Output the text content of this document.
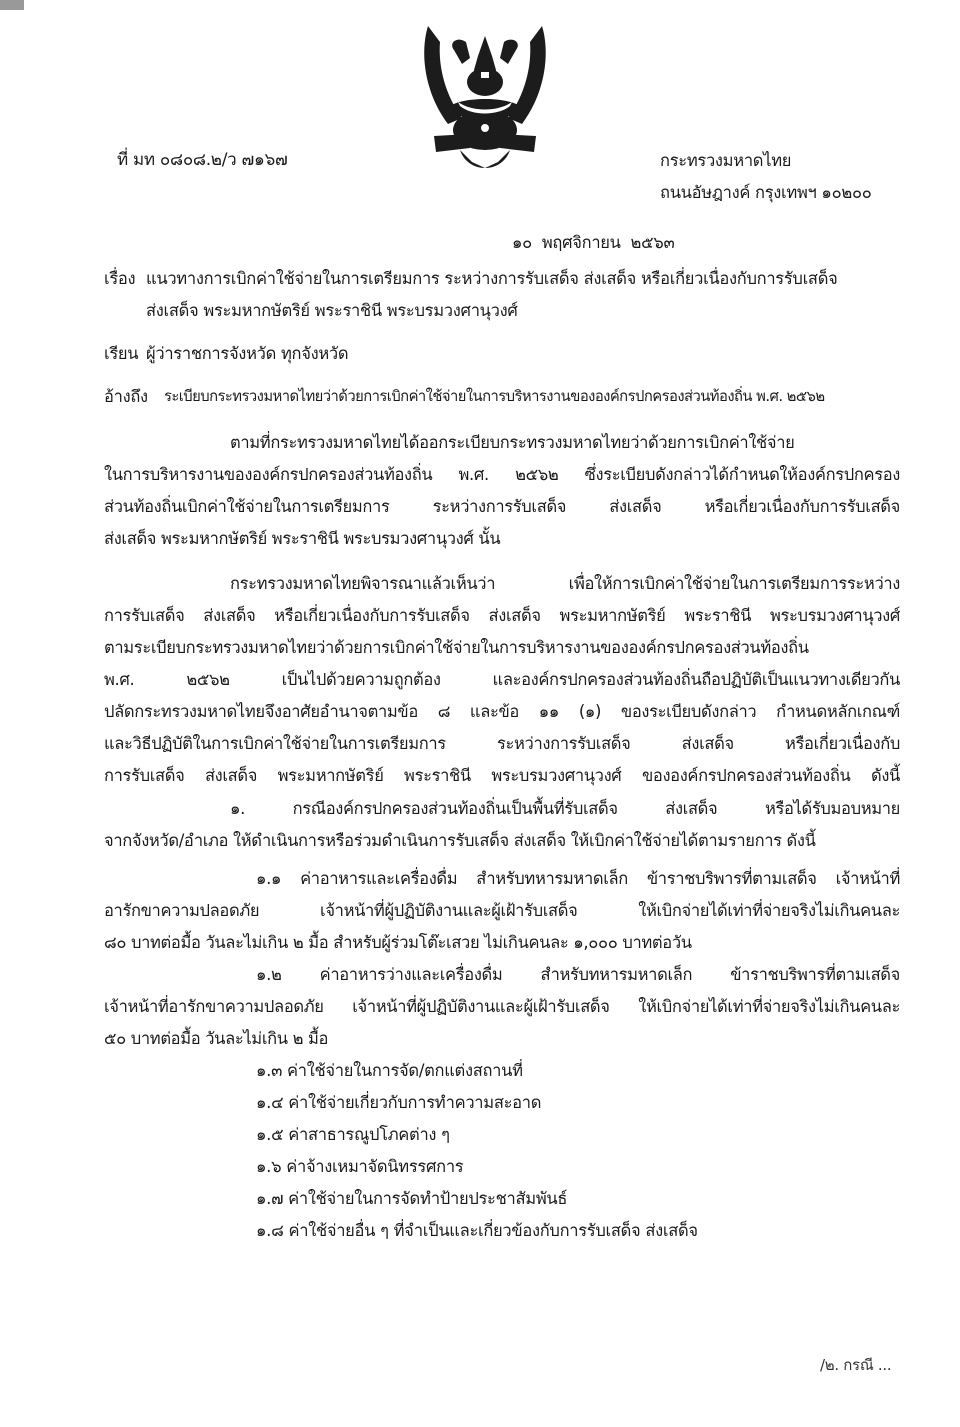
ที่ มท ๐๘๐๘.๒/ว ๗๑๖๗	กระทรวงมหาดไทย
ถนนอัษฎางค์ กรุงเทพฯ ๑๐๒๐๐
๑๐  พฤศจิกายน  ๒๕๖๓
เรื่อง แนวทางการเบิกค่าใช้จ่ายในการเตรียมการ ระหว่างการรับเสด็จ ส่งเสด็จ หรือเกี่ยวเนื่องกับการรับเสด็จ
ส่งเสด็จ พระมหากษัตริย์ พระราชินี พระบรมวงศานุวงศ์
เรียน ผู้ว่าราชการจังหวัด ทุกจังหวัด
อ้างถึง ระเบียบกระทรวงมหาดไทยว่าด้วยการเบิกค่าใช้จ่ายในการบริหารงานขององค์กรปกครองส่วนท้องถิ่น พ.ศ. ๒๕๖๒
ตามที่กระทรวงมหาดไทยได้ออกระเบียบกระทรวงมหาดไทยว่าด้วยการเบิกค่าใช้จ่าย
ในการบริหารงานขององค์กรปกครองส่วนท้องถิ่น พ.ศ. ๒๕๖๒ ซึ่งระเบียบดังกล่าวได้กำหนดให้องค์กรปกครอง
ส่วนท้องถิ่นเบิกค่าใช้จ่ายในการเตรียมการ ระหว่างการรับเสด็จ ส่งเสด็จ หรือเกี่ยวเนื่องกับการรับเสด็จ
ส่งเสด็จ พระมหากษัตริย์ พระราชินี พระบรมวงศานุวงศ์ นั้น
กระทรวงมหาดไทยพิจารณาแล้วเห็นว่า เพื่อให้การเบิกค่าใช้จ่ายในการเตรียมการระหว่าง
การรับเสด็จ ส่งเสด็จ หรือเกี่ยวเนื่องกับการรับเสด็จ ส่งเสด็จ พระมหากษัตริย์ พระราชินี พระบรมวงศานุวงศ์
ตามระเบียบกระทรวงมหาดไทยว่าด้วยการเบิกค่าใช้จ่ายในการบริหารงานขององค์กรปกครองส่วนท้องถิ่น
พ.ศ. ๒๕๖๒ เป็นไปด้วยความถูกต้อง และองค์กรปกครองส่วนท้องถิ่นถือปฏิบัติเป็นแนวทางเดียวกัน
ปลัดกระทรวงมหาดไทยจึงอาศัยอำนาจตามข้อ ๘ และข้อ ๑๑ (๑) ของระเบียบดังกล่าว กำหนดหลักเกณฑ์
และวิธีปฏิบัติในการเบิกค่าใช้จ่ายในการเตรียมการ ระหว่างการรับเสด็จ ส่งเสด็จ หรือเกี่ยวเนื่องกับ
การรับเสด็จ ส่งเสด็จ พระมหากษัตริย์ พระราชินี พระบรมวงศานุวงศ์ ขององค์กรปกครองส่วนท้องถิ่น ดังนี้
๑. กรณีองค์กรปกครองส่วนท้องถิ่นเป็นพื้นที่รับเสด็จ ส่งเสด็จ หรือได้รับมอบหมาย
จากจังหวัด/อำเภอ ให้ดำเนินการหรือร่วมดำเนินการรับเสด็จ ส่งเสด็จ ให้เบิกค่าใช้จ่ายได้ตามรายการ ดังนี้
๑.๑ ค่าอาหารและเครื่องดื่ม สำหรับทหารมหาดเล็ก ข้าราชบริพารที่ตามเสด็จ เจ้าหน้าที่
อารักขาความปลอดภัย เจ้าหน้าที่ผู้ปฏิบัติงานและผู้เฝ้ารับเสด็จ ให้เบิกจ่ายได้เท่าที่จ่ายจริงไม่เกินคนละ
๘๐ บาทต่อมื้อ วันละไม่เกิน ๒ มื้อ สำหรับผู้ร่วมโต๊ะเสวย ไม่เกินคนละ ๑,๐๐๐ บาทต่อวัน
๑.๒ ค่าอาหารว่างและเครื่องดื่ม สำหรับทหารมหาดเล็ก ข้าราชบริพารที่ตามเสด็จ
เจ้าหน้าที่อารักขาความปลอดภัย เจ้าหน้าที่ผู้ปฏิบัติงานและผู้เฝ้ารับเสด็จ ให้เบิกจ่ายได้เท่าที่จ่ายจริงไม่เกินคนละ
๕๐ บาทต่อมื้อ วันละไม่เกิน ๒ มื้อ
๑.๓ ค่าใช้จ่ายในการจัด/ตกแต่งสถานที่
๑.๔ ค่าใช้จ่ายเกี่ยวกับการทำความสะอาด
๑.๕ ค่าสาธารณูปโภคต่าง ๆ
๑.๖ ค่าจ้างเหมาจัดนิทรรศการ
๑.๗ ค่าใช้จ่ายในการจัดทำป้ายประชาสัมพันธ์
๑.๘ ค่าใช้จ่ายอื่น ๆ ที่จำเป็นและเกี่ยวข้องกับการรับเสด็จ ส่งเสด็จ
/๒. กรณี ...
